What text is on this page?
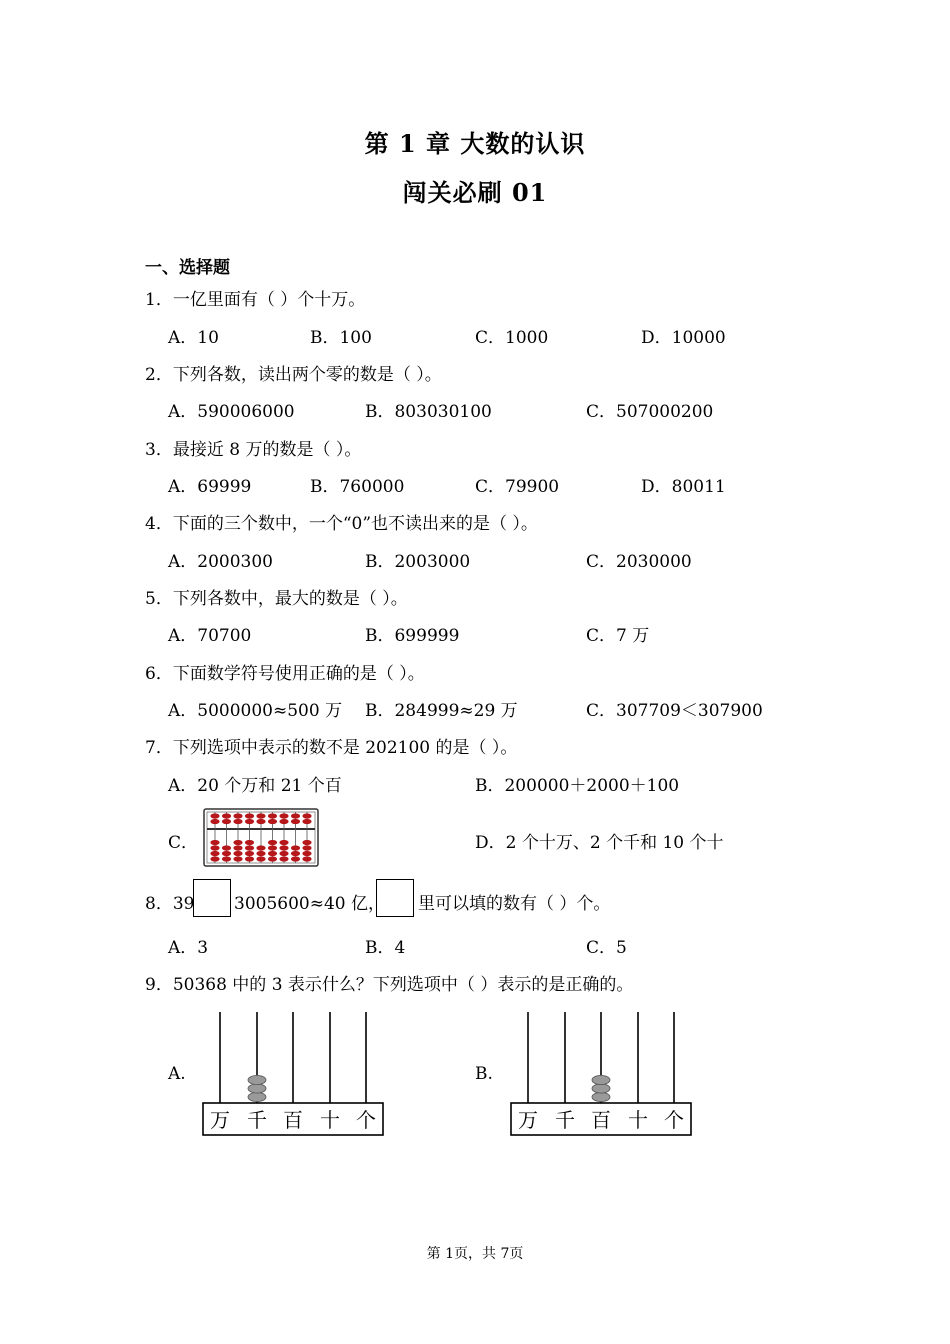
第 1 章 大数的认识
闯关必刷 01
一、选择题
1．一亿里面有（ ）个十万。
A．10	B．100	C．1000	D．10000
2．下列各数，读出两个零的数是（ ）。
A．590006000	B．803030100	C．507000200
3．最接近 8 万的数是（ ）。
A．69999	B．760000	C．79900	D．80011
4．下面的三个数中，一个“0”也不读出来的是（ ）。
A．2000300	B．2003000	C．2030000
5．下列各数中，最大的数是（ ）。
A．70700	B．699999	C．7 万
6．下面数学符号使用正确的是（ ）。
A．5000000≈500 万 B．284999≈29 万	C．307709＜307900
7．下列选项中表示的数不是 202100 的是（ ）。
A．20 个万和 21 个百	B．200000＋2000＋100
C．	D．2 个十万、2 个千和 10 个十
8．39 3005600≈40 亿， 里可以填的数有（ ）个。
A．3	B．4	C．5
9．50368 中的 3 表示什么？下列选项中（ ）表示的是正确的。
A.	B.
万 千 百 十 个	万 千 百 十 个
第 1页，共 7页
